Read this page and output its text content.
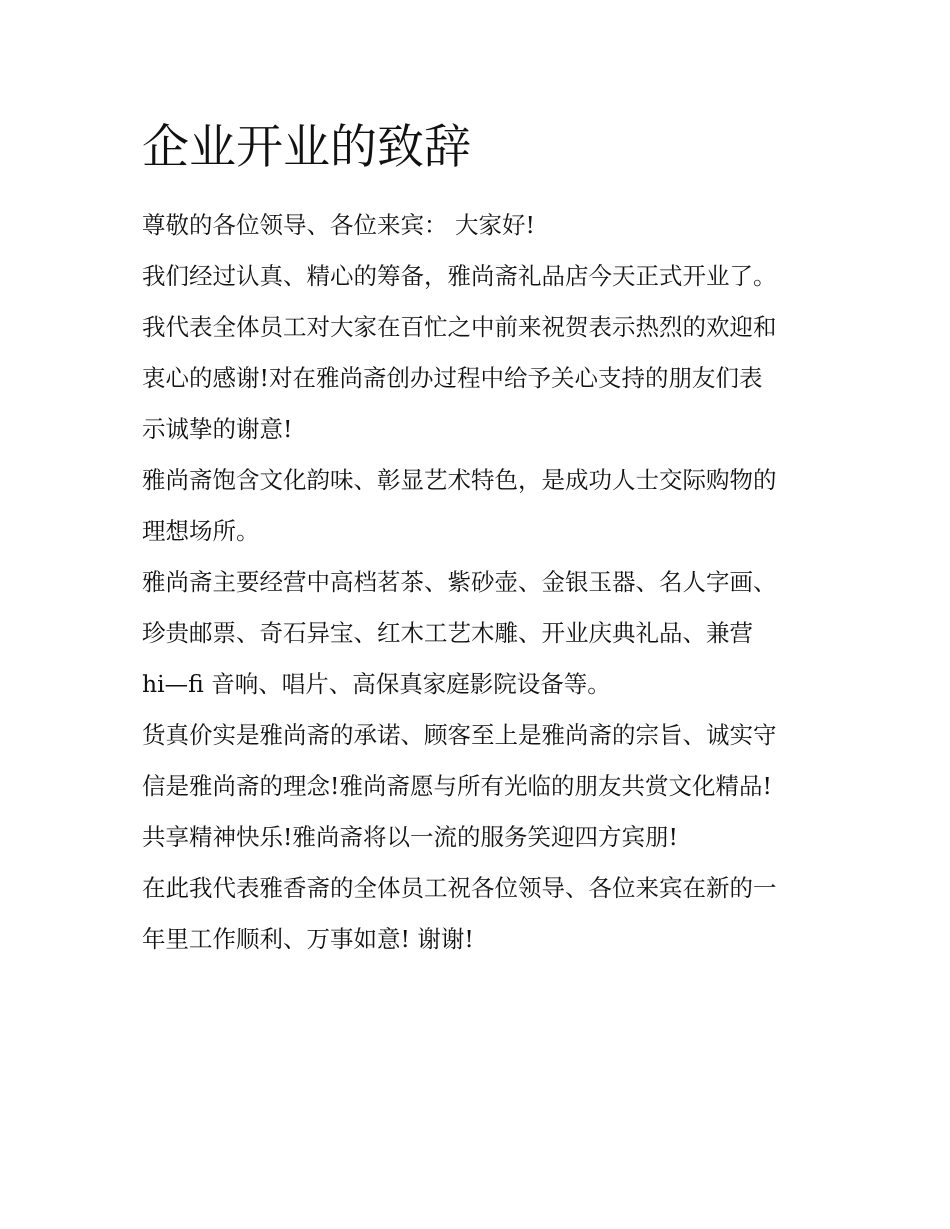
企业开业的致辞

尊敬的各位领导、各位来宾： 大家好!

我们经过认真、精心的筹备，雅尚斋礼品店今天正式开业了。

我代表全体员工对大家在百忙之中前来祝贺表示热烈的欢迎和
衷心的感谢!对在雅尚斋创办过程中给予关心支持的朋友们表
示诚挚的谢意!

雅尚斋饱含文化韵味、彰显艺术特色，是成功人士交际购物的
理想场所。

雅尚斋主要经营中高档茗茶、紫砂壶、金银玉器、名人字画、
珍贵邮票、奇石异宝、红木工艺木雕、开业庆典礼品、兼营
hi—fi 音响、唱片、高保真家庭影院设备等。

货真价实是雅尚斋的承诺、顾客至上是雅尚斋的宗旨、诚实守
信是雅尚斋的理念!雅尚斋愿与所有光临的朋友共赏文化精品!
共享精神快乐!雅尚斋将以一流的服务笑迎四方宾朋!

在此我代表雅香斋的全体员工祝各位领导、各位来宾在新的一
年里工作顺利、万事如意! 谢谢!
